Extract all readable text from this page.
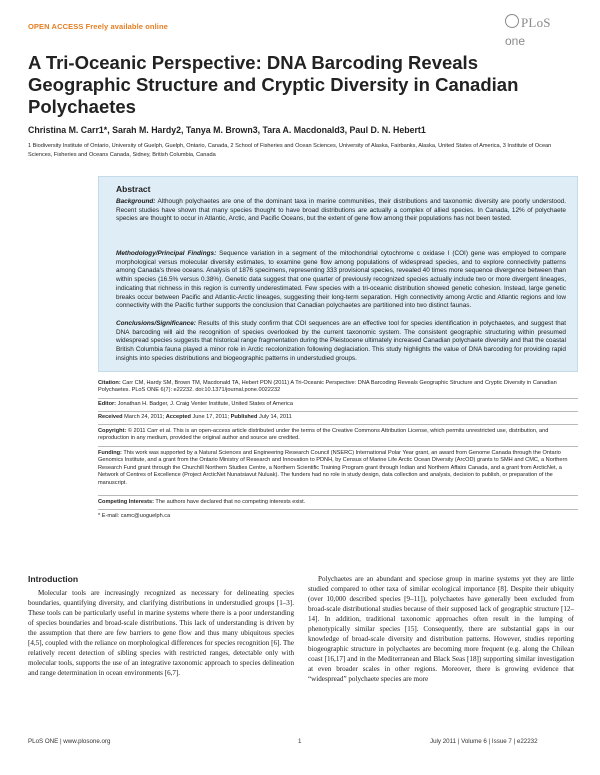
OPEN ACCESS Freely available online	PLoS one
A Tri-Oceanic Perspective: DNA Barcoding Reveals Geographic Structure and Cryptic Diversity in Canadian Polychaetes
Christina M. Carr1*, Sarah M. Hardy2, Tanya M. Brown3, Tara A. Macdonald3, Paul D. N. Hebert1
1 Biodiversity Institute of Ontario, University of Guelph, Guelph, Ontario, Canada, 2 School of Fisheries and Ocean Sciences, University of Alaska, Fairbanks, Alaska, United States of America, 3 Institute of Ocean Sciences, Fisheries and Oceans Canada, Sidney, British Columbia, Canada
Abstract
Background: Although polychaetes are one of the dominant taxa in marine communities, their distributions and taxonomic diversity are poorly understood. Recent studies have shown that many species thought to have broad distributions are actually a complex of allied species. In Canada, 12% of polychaete species are thought to occur in Atlantic, Arctic, and Pacific Oceans, but the extent of gene flow among their populations has not been tested.
Methodology/Principal Findings: Sequence variation in a segment of the mitochondrial cytochrome c oxidase I (COI) gene was employed to compare morphological versus molecular diversity estimates, to examine gene flow among populations of widespread species, and to explore connectivity patterns among Canada's three oceans. Analysis of 1876 specimens, representing 333 provisional species, revealed 40 times more sequence divergence between than within species (16.5% versus 0.38%). Genetic data suggest that one quarter of previously recognized species actually include two or more divergent lineages, indicating that richness in this region is currently underestimated. Few species with a tri-oceanic distribution showed genetic cohesion. Instead, large genetic breaks occur between Pacific and Atlantic-Arctic lineages, suggesting their long-term separation. High connectivity among Arctic and Atlantic regions and low connectivity with the Pacific further supports the conclusion that Canadian polychaetes are partitioned into two distinct faunas.
Conclusions/Significance: Results of this study confirm that COI sequences are an effective tool for species identification in polychaetes, and suggest that DNA barcoding will aid the recognition of species overlooked by the current taxonomic system. The consistent geographic structuring within presumed widespread species suggests that historical range fragmentation during the Pleistocene ultimately increased Canadian polychaete diversity and that the coastal British Columbia fauna played a minor role in Arctic recolonization following deglaciation. This study highlights the value of DNA barcoding for providing rapid insights into species distributions and biogeographic patterns in understudied groups.
Citation: Carr CM, Hardy SM, Brown TM, Macdonald TA, Hebert PDN (2011) A Tri-Oceanic Perspective: DNA Barcoding Reveals Geographic Structure and Cryptic Diversity in Canadian Polychaetes. PLoS ONE 6(7): e22232. doi:10.1371/journal.pone.0022232
Editor: Jonathan H. Badger, J. Craig Venter Institute, United States of America
Received March 24, 2011; Accepted June 17, 2011; Published July 14, 2011
Copyright: © 2011 Carr et al. This is an open-access article distributed under the terms of the Creative Commons Attribution License, which permits unrestricted use, distribution, and reproduction in any medium, provided the original author and source are credited.
Funding: This work was supported by a Natural Sciences and Engineering Research Council (NSERC) International Polar Year grant, an award from Genome Canada through the Ontario Genomics Institute, and a grant from the Ontario Ministry of Research and Innovation to PDNH, by Census of Marine Life Arctic Ocean Diversity (ArcOD) grants to SMH and CMC, a Northern Research Fund grant through the Churchill Northern Studies Centre, a Northern Scientific Training Program grant through Indian and Northern Affairs Canada, and a grant from ArcticNet, a Network of Centres of Excellence (Project ArcticNet Nunatsiavut Nuluak). The funders had no role in study design, data collection and analysis, decision to publish, or preparation of the manuscript.
Competing Interests: The authors have declared that no competing interests exist.
* E-mail: camc@uoguelph.ca
Introduction
Molecular tools are increasingly recognized as necessary for delineating species boundaries, quantifying diversity, and clarifying distributions in understudied groups [1–3]. These tools can be particularly useful in marine systems where there is a poor understanding of species boundaries and broad-scale distributions. This lack of understanding is driven by the assumption that there are few barriers to gene flow and thus many ubiquitous species [4,5], coupled with the reliance on morphological differences for species recognition [6]. The relatively recent detection of sibling species with restricted ranges, detectable only with molecular tools, supports the use of an integrative taxonomic approach to species delineation and range determination in ocean environments [6,7].
Polychaetes are an abundant and speciose group in marine systems yet they are little studied compared to other taxa of similar ecological importance [8]. Despite their ubiquity (over 10,000 described species [9–11]), polychaetes have generally been excluded from broad-scale distributional studies because of their supposed lack of geographic structure [12–14]. In addition, traditional taxonomic approaches often result in the lumping of phenotypically similar species [15]. Consequently, there are substantial gaps in our knowledge of broad-scale diversity and distribution patterns. However, studies reporting biogeographic structure in polychaetes are becoming more frequent (e.g. along the Chilean coast [16,17] and in the Mediterranean and Black Seas [18]) supporting similar investigation at even broader scales in other regions. Moreover, there is growing evidence that “widespread” polychaete species are more
PLoS ONE | www.plosone.org	1	July 2011 | Volume 6 | Issue 7 | e22232
